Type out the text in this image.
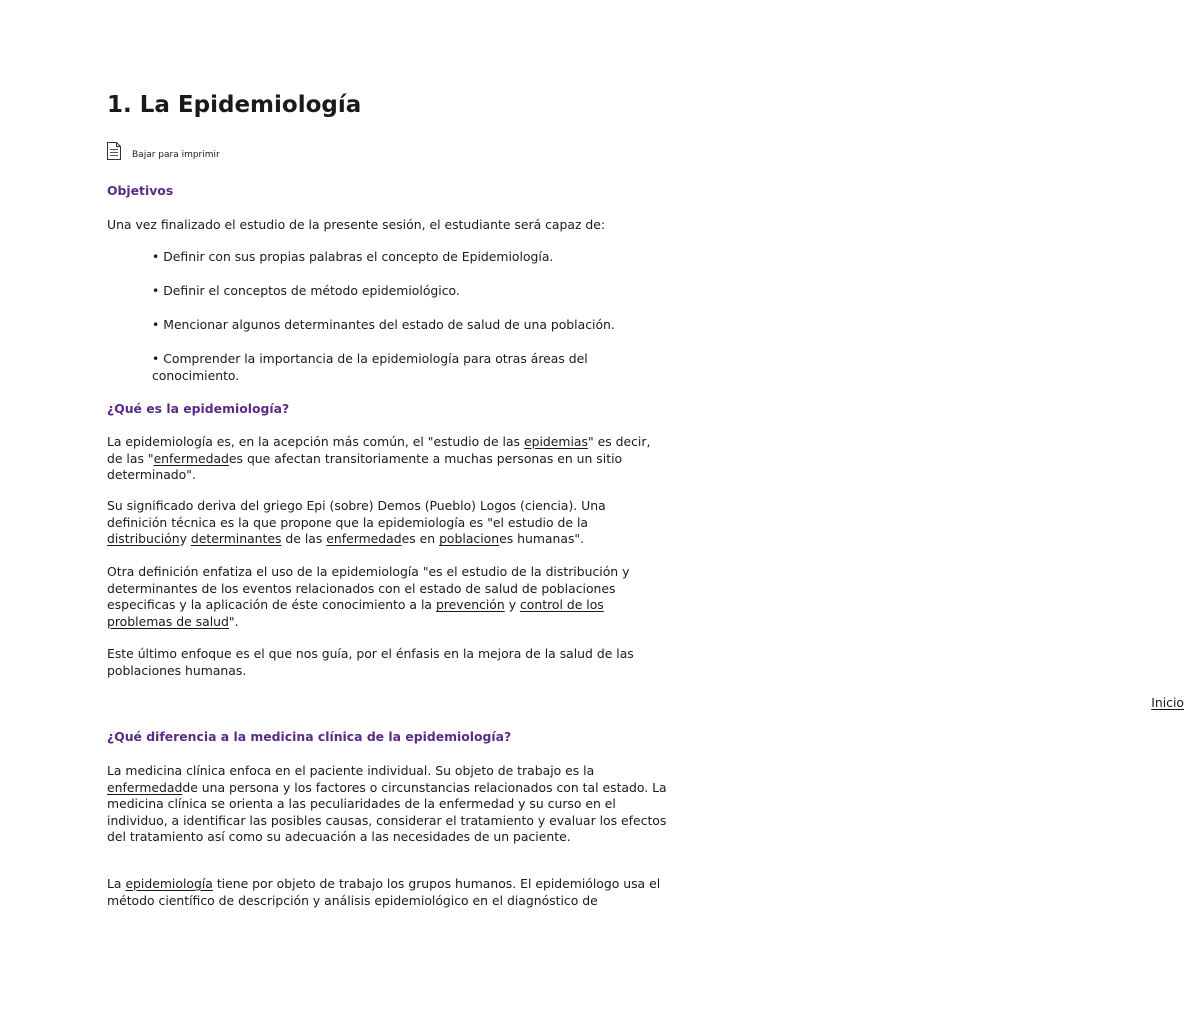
1. La Epidemiología
Bajar para imprimir
Objetivos

Una vez finalizado el estudio de la presente sesión, el estudiante será capaz de:

• Definir con sus propias palabras el concepto de Epidemiología.

• Definir el conceptos de método epidemiológico.

• Mencionar algunos determinantes del estado de salud de una población.

• Comprender la importancia de la epidemiología para otras áreas del conocimiento.

¿Qué es la epidemiología?

La epidemiología es, en la acepción más común, el "estudio de las epidemias" es decir, de las "enfermedades que afectan transitoriamente a muchas personas en un sitio determinado".

Su significado deriva del griego Epi (sobre) Demos (Pueblo) Logos (ciencia). Una definición técnica es la que propone que la epidemiología es "el estudio de la distribucióny determinantes de las enfermedades en poblaciones humanas".

Otra definición enfatiza el uso de la epidemiología "es el estudio de la distribución y determinantes de los eventos relacionados con el estado de salud de poblaciones especificas y la aplicación de éste conocimiento a la prevención y control de los problemas de salud".

Este último enfoque es el que nos guía, por el énfasis en la mejora de la salud de las poblaciones humanas.

Inicio
¿Qué diferencia a la medicina clínica de la epidemiología?

La medicina clínica enfoca en el paciente individual. Su objeto de trabajo es la enfermedadde una persona y los factores o circunstancias relacionados con tal estado. La medicina clínica se orienta a las peculiaridades de la enfermedad y su curso en el individuo, a identificar las posibles causas, considerar el tratamiento y evaluar los efectos del tratamiento así como su adecuación a las necesidades de un paciente.

La epidemiología tiene por objeto de trabajo los grupos humanos. El epidemiólogo usa el método científico de descripción y análisis epidemiológico en el diagnóstico de
